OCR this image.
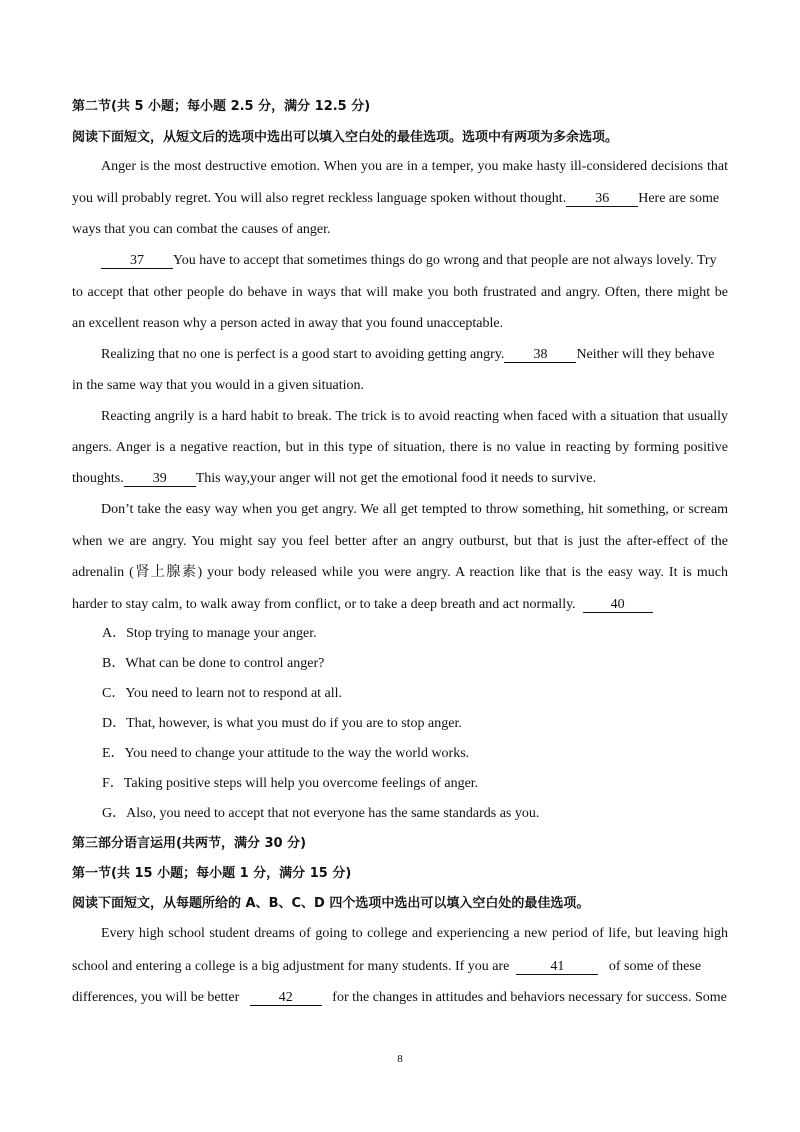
第二节(共 5 小题；每小题 2.5 分，满分 12.5 分)
阅读下面短文，从短文后的选项中选出可以填入空白处的最佳选项。选项中有两项为多余选项。
Anger is the most destructive emotion. When you are in a temper, you make hasty ill-considered decisions that
you will probably regret. You will also regret reckless language spoken without thought. 36 Here are some
ways that you can combat the causes of anger.
37 You have to accept that sometimes things do go wrong and that people are not always lovely. Try
to accept that other people do behave in ways that will make you both frustrated and angry. Often, there might be
an excellent reason why a person acted in away that you found unacceptable.
Realizing that no one is perfect is a good start to avoiding getting angry. 38 Neither will they behave
in the same way that you would in a given situation.
Reacting angrily is a hard habit to break. The trick is to avoid reacting when faced with a situation that usually
angers. Anger is a negative reaction, but in this type of situation, there is no value in reacting by forming positive
thoughts. 39 This way,your anger will not get the emotional food it needs to survive.
Don’t take the easy way when you get angry. We all get tempted to throw something, hit something, or scream
when we are angry. You might say you feel better after an angry outburst, but that is just the after-effect of the
adrenalin (肾上腺素) your body released while you were angry. A reaction like that is the easy way. It is much
harder to stay calm, to walk away from conflict, or to take a deep breath and act normally.	40
A．Stop trying to manage your anger.
B．What can be done to control anger?
C．You need to learn not to respond at all.
D．That, however, is what you must do if you are to stop anger.
E．You need to change your attitude to the way the world works.
F．Taking positive steps will help you overcome feelings of anger.
G．Also, you need to accept that not everyone has the same standards as you.
第三部分语言运用(共两节，满分 30 分)
第一节(共 15 小题；每小题 1 分，满分 15 分)
阅读下面短文，从每题所给的 A、B、C、D 四个选项中选出可以填入空白处的最佳选项。
Every high school student dreams of going to college and experiencing a new period of life, but leaving high
school and entering a college is a big adjustment for many students. If you are	41	of some of these
differences, you will be better	42	for the changes in attitudes and behaviors necessary for success. Some
8
